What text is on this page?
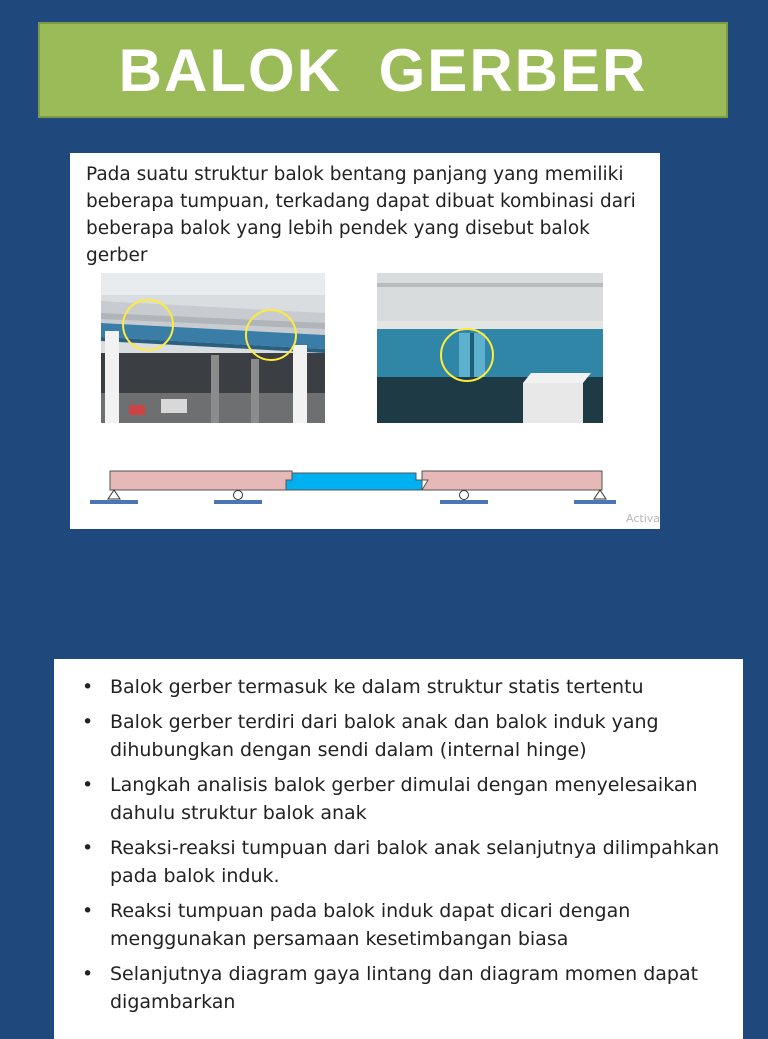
BALOK GERBER
Pada suatu struktur balok bentang panjang yang memiliki beberapa tumpuan, terkadang dapat dibuat kombinasi dari beberapa balok yang lebih pendek yang disebut balok gerber
Activa
• Balok gerber termasuk ke dalam struktur statis tertentu
• Balok gerber terdiri dari balok anak dan balok induk yang dihubungkan dengan sendi dalam (internal hinge)
• Langkah analisis balok gerber dimulai dengan menyelesaikan dahulu struktur balok anak
• Reaksi-reaksi tumpuan dari balok anak selanjutnya dilimpahkan pada balok induk.
• Reaksi tumpuan pada balok induk dapat dicari dengan menggunakan persamaan kesetimbangan biasa
• Selanjutnya diagram gaya lintang dan diagram momen dapat digambarkan
